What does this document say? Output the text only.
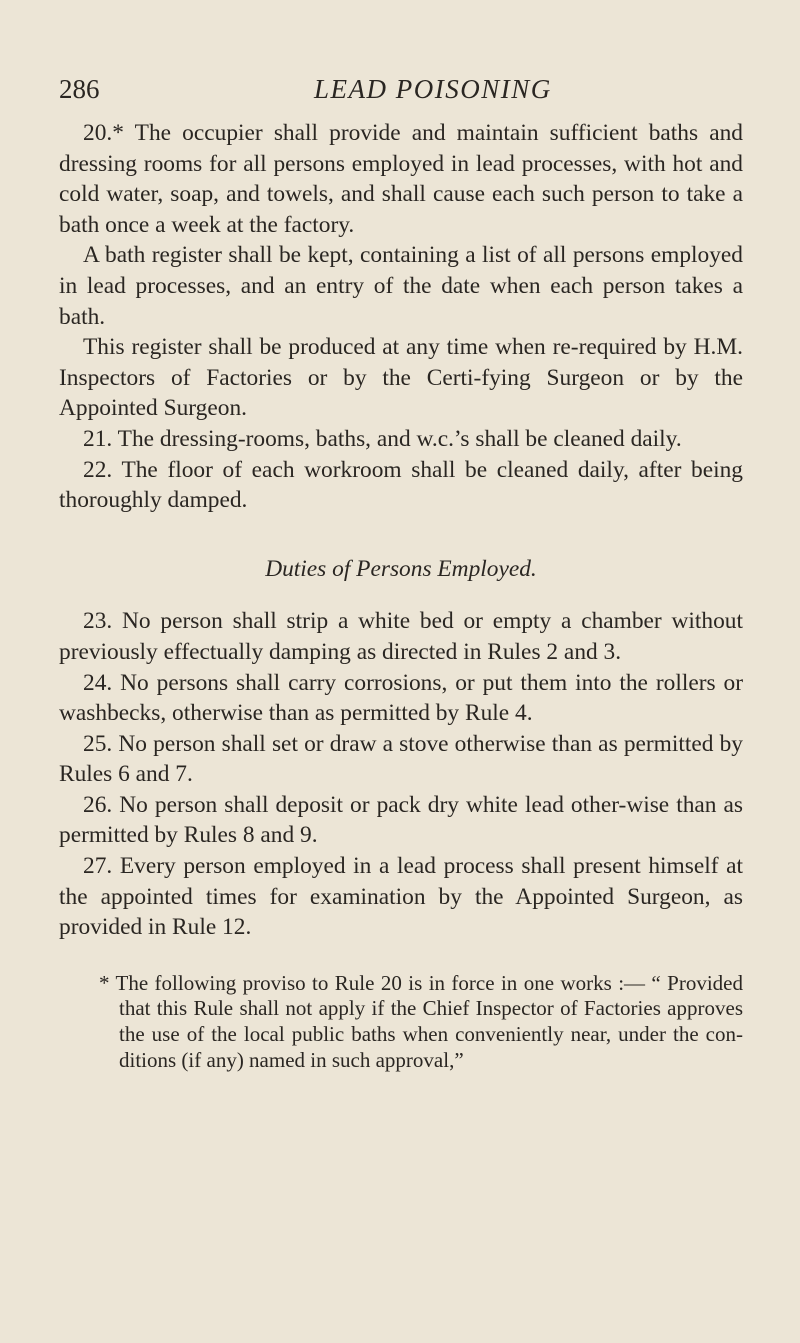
286	LEAD POISONING

20.* The occupier shall provide and maintain sufficient baths and dressing rooms for all persons employed in lead processes, with hot and cold water, soap, and towels, and shall cause each such person to take a bath once a week at the factory.

A bath register shall be kept, containing a list of all persons employed in lead processes, and an entry of the date when each person takes a bath.

This register shall be produced at any time when re-required by H.M. Inspectors of Factories or by the Certi-fying Surgeon or by the Appointed Surgeon.

21. The dressing-rooms, baths, and w.c.’s shall be cleaned daily.

22. The floor of each workroom shall be cleaned daily, after being thoroughly damped.

Duties of Persons Employed.

23. No person shall strip a white bed or empty a chamber without previously effectually damping as directed in Rules 2 and 3.

24. No persons shall carry corrosions, or put them into the rollers or washbecks, otherwise than as permitted by Rule 4.

25. No person shall set or draw a stove otherwise than as permitted by Rules 6 and 7.

26. No person shall deposit or pack dry white lead other-wise than as permitted by Rules 8 and 9.

27. Every person employed in a lead process shall present himself at the appointed times for examination by the Appointed Surgeon, as provided in Rule 12.

* The following proviso to Rule 20 is in force in one works :— “ Provided that this Rule shall not apply if the Chief Inspector of Factories approves the use of the local public baths when conveniently near, under the con-ditions (if any) named in such approval,”
